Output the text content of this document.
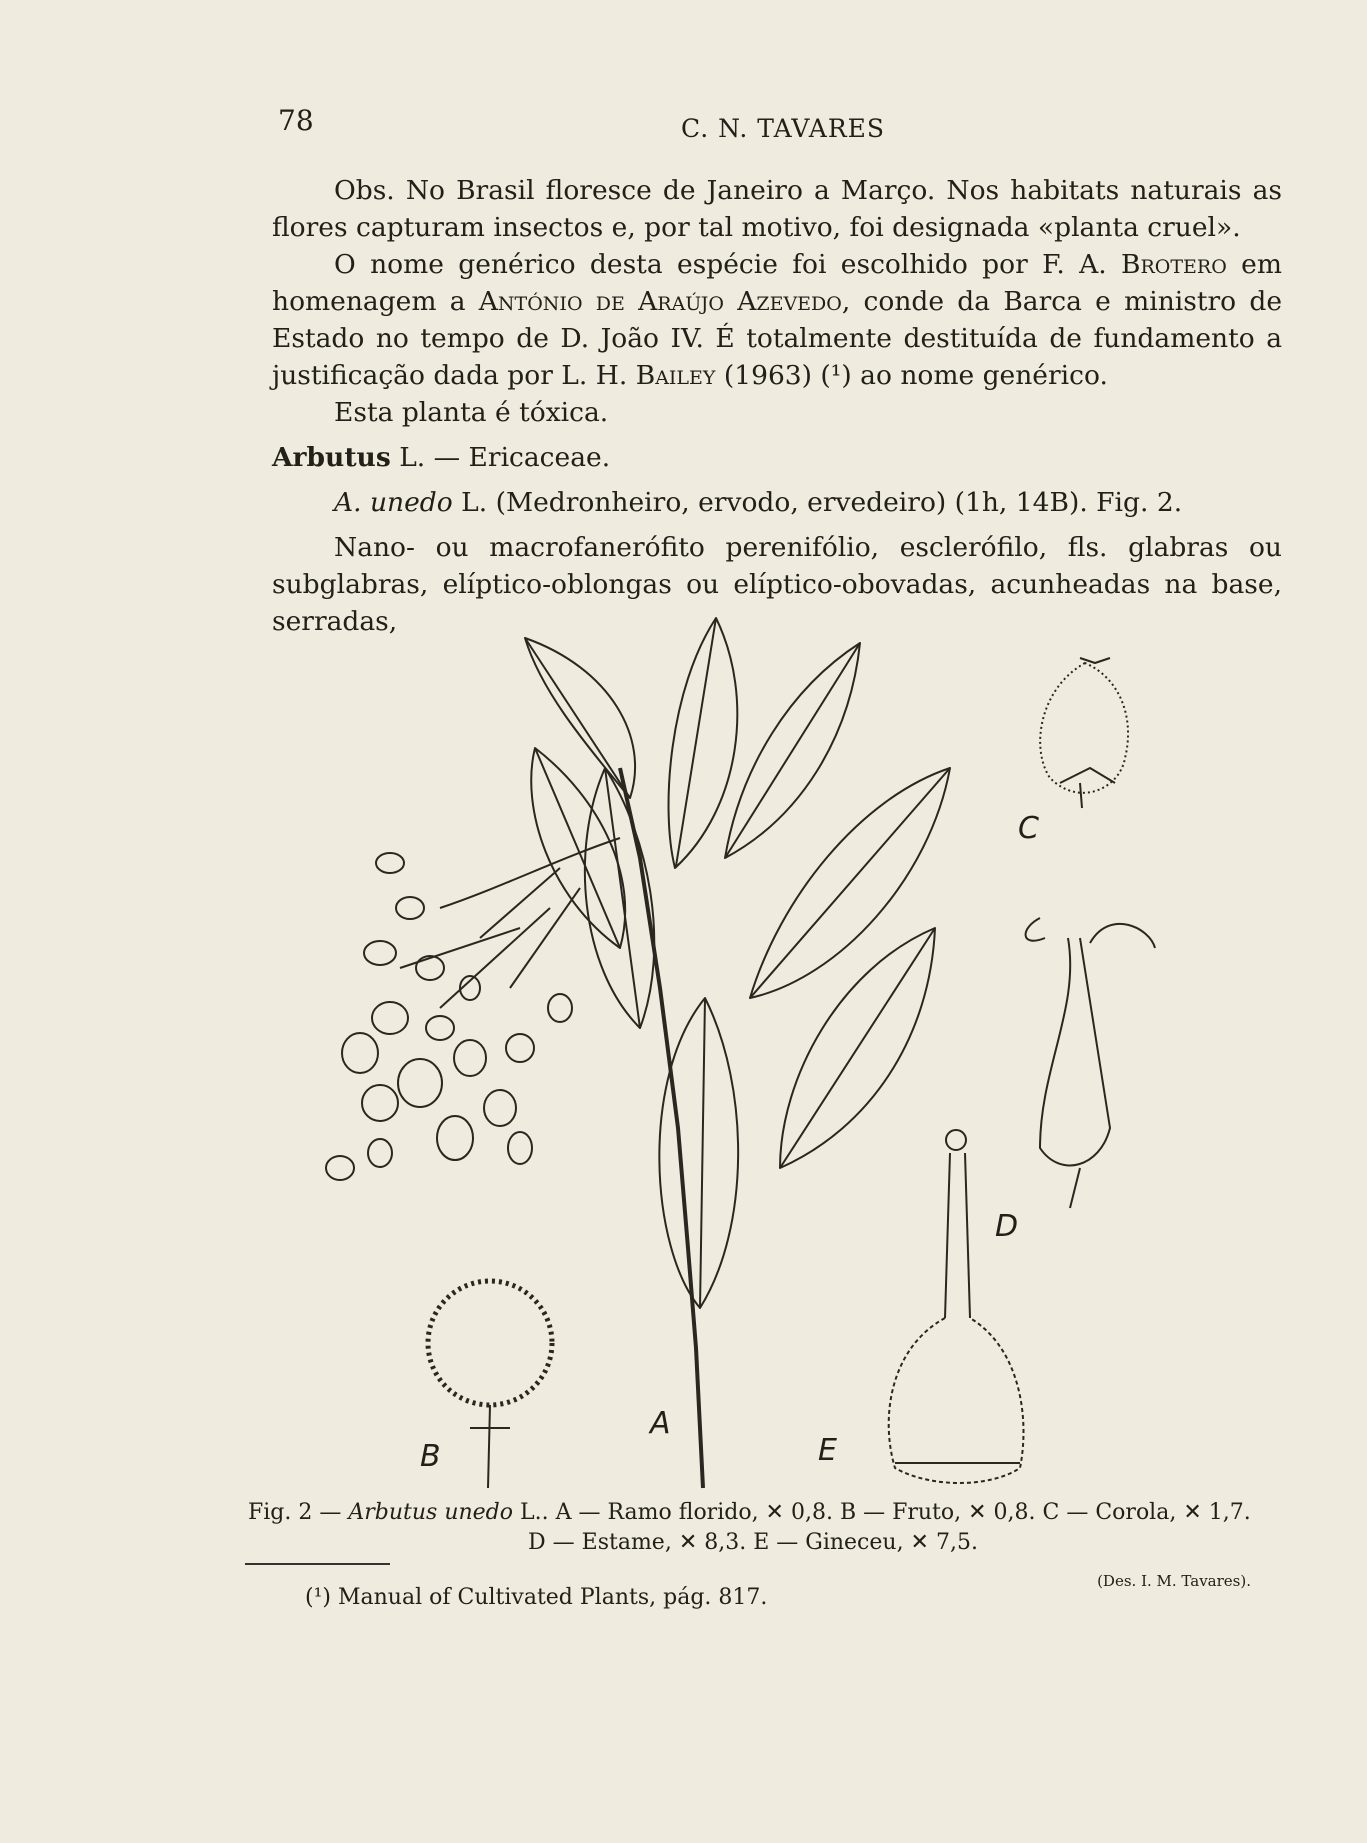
78	C. N. TAVARES

Obs. No Brasil floresce de Janeiro a Março. Nos habitats naturais as flores capturam insectos e, por tal motivo, foi designada «planta cruel».

O nome genérico desta espécie foi escolhido por F. A. Brotero em homenagem a António de Araújo Azevedo, conde da Barca e ministro de Estado no tempo de D. João IV. É totalmente destituída de fundamento a justificação dada por L. H. Bailey (1963) (¹) ao nome genérico.

Esta planta é tóxica.

Arbutus L. — Ericaceae.

A. unedo L. (Medronheiro, ervodo, ervedeiro) (1h, 14B). Fig. 2.

Nano- ou macrofanerófito perenifólio, esclerófilo, fls. glabras ou subglabras, elíptico-oblongas ou elíptico-obovadas, acunheadas na base, serradas,

A
B
C
D
E
Fig. 2 — Arbutus unedo L.. A — Ramo florido, ✕ 0,8. B — Fruto, ✕ 0,8. C — Corola, ✕ 1,7.
D — Estame, ✕ 8,3. E — Gineceu, ✕ 7,5.
(Des. I. M. Tavares).
(¹) Manual of Cultivated Plants, pág. 817.
